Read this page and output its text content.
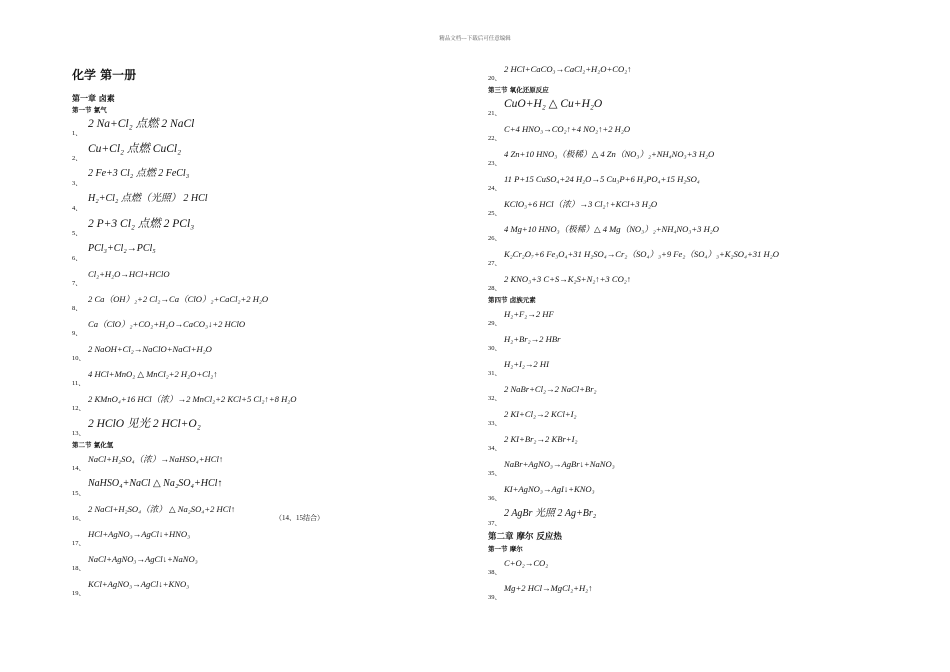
精品文档---下载后可任意编辑
化学 第一册
第一章 卤素
第一节 氯气
2 Na+Cl₂ 点燃 2 NaCl
1、
Cu+Cl₂ 点燃 CuCl₂
2、
2 Fe+3 Cl₂ 点燃 2 FeCl₃
3、
H₂+Cl₂ 点燃（光照） 2 HCl
4、
2 P+3 Cl₂ 点燃 2 PCl₃
5、
PCl₃+Cl₂→PCl₅
6、
Cl₂+H₂O→HCl+HClO
7、
2 Ca（OH）₂+2 Cl₂→Ca（ClO）₂+CaCl₂+2 H₂O
8、
Ca（ClO）₂+CO₂+H₂O→CaCO₃↓+2 HClO
9、
2 NaOH+Cl₂→NaClO+NaCl+H₂O
10、
4 HCl+MnO₂ △ MnCl₂+2 H₂O+Cl₂↑
11、
2 KMnO₄+16 HCl（浓）→2 MnCl₂+2 KCl+5 Cl₂↑+8 H₂O
12、
2 HClO 见光 2 HCl+O₂
13、
第二节 氯化氢
NaCl+H₂SO₄（浓）→NaHSO₄+HCl↑
14、
NaHSO₄+NaCl △ Na₂SO₄+HCl↑
15、
2 NaCl+H₂SO₄（浓） △ Na₂SO₄+2 HCl↑
16、	（14、15结合）
HCl+AgNO₃→AgCl↓+HNO₃
17、
NaCl+AgNO₃→AgCl↓+NaNO₃
18、
KCl+AgNO₃→AgCl↓+KNO₃
19、
2 HCl+CaCO₃→CaCl₂+H₂O+CO₂↑
20、
第三节 氧化还原反应
CuO+H₂ △ Cu+H₂O
21、
C+4 HNO₃→CO₂↑+4 NO₂↑+2 H₂O
22、
4 Zn+10 HNO₃（极稀）△ 4 Zn（NO₃）₂+NH₄NO₃+3 H₂O
23、
11 P+15 CuSO₄+24 H₂O→5 Cu₃P+6 H₃PO₄+15 H₂SO₄
24、
KClO₃+6 HCl（浓）→3 Cl₂↑+KCl+3 H₂O
25、
4 Mg+10 HNO₃（极稀）△ 4 Mg（NO₃）₂+NH₄NO₃+3 H₂O
26、
K₂Cr₂O₇+6 Fe₃O₄+31 H₂SO₄→Cr₂（SO₄）₃+9 Fe₂（SO₄）₃+K₂SO₄+31 H₂O
27、
2 KNO₃+3 C+S→K₂S+N₂↑+3 CO₂↑
28、
第四节 卤族元素
H₂+F₂→2 HF
29、
H₂+Br₂→2 HBr
30、
H₂+I₂→2 HI
31、
2 NaBr+Cl₂→2 NaCl+Br₂
32、
2 KI+Cl₂→2 KCl+I₂
33、
2 KI+Br₂→2 KBr+I₂
34、
NaBr+AgNO₃→AgBr↓+NaNO₃
35、
KI+AgNO₃→AgI↓+KNO₃
36、
2 AgBr 光照 2 Ag+Br₂
37、
第二章 摩尔 反应热
第一节 摩尔
C+O₂→CO₂
38、
Mg+2 HCl→MgCl₂+H₂↑
39、
